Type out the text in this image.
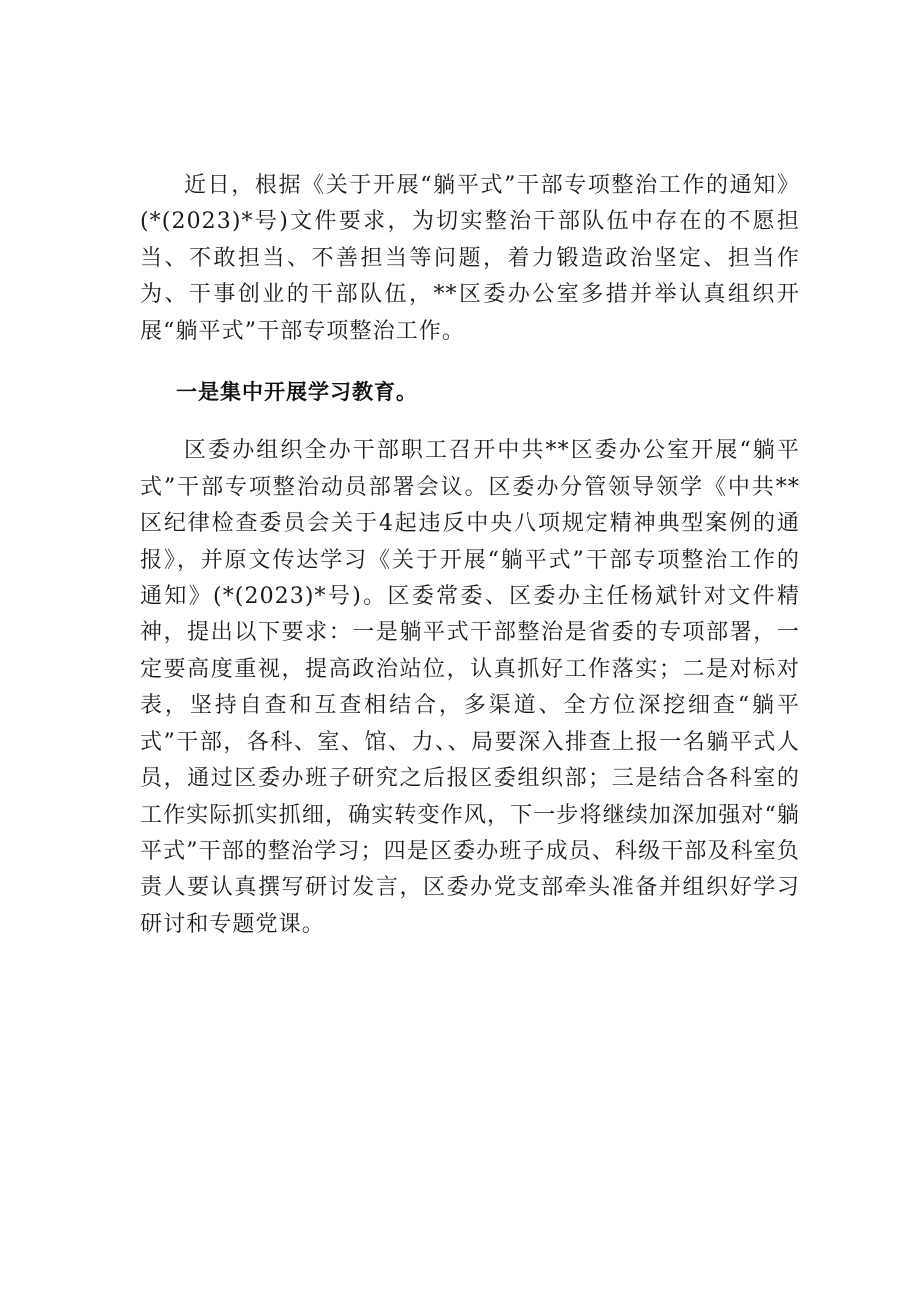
近日，根据《关于开展“躺平式”干部专项整治工作的通知》(*(2023)*号)文件要求，为切实整治干部队伍中存在的不愿担当、不敢担当、不善担当等问题，着力锻造政治坚定、担当作为、干事创业的干部队伍，**区委办公室多措并举认真组织开展“躺平式”干部专项整治工作。

一是集中开展学习教育。

区委办组织全办干部职工召开中共**区委办公室开展“躺平式”干部专项整治动员部署会议。区委办分管领导领学《中共**区纪律检查委员会关于4起违反中央八项规定精神典型案例的通报》，并原文传达学习《关于开展“躺平式”干部专项整治工作的通知》(*(2023)*号)。区委常委、区委办主任杨斌针对文件精神，提出以下要求：一是躺平式干部整治是省委的专项部署，一定要高度重视，提高政治站位，认真抓好工作落实；二是对标对表，坚持自查和互查相结合，多渠道、全方位深挖细查“躺平式”干部，各科、室、馆、力、、局要深入排查上报一名躺平式人员，通过区委办班子研究之后报区委组织部；三是结合各科室的工作实际抓实抓细，确实转变作风，下一步将继续加深加强对“躺平式”干部的整治学习；四是区委办班子成员、科级干部及科室负责人要认真撰写研讨发言，区委办党支部牵头准备并组织好学习研讨和专题党课。
